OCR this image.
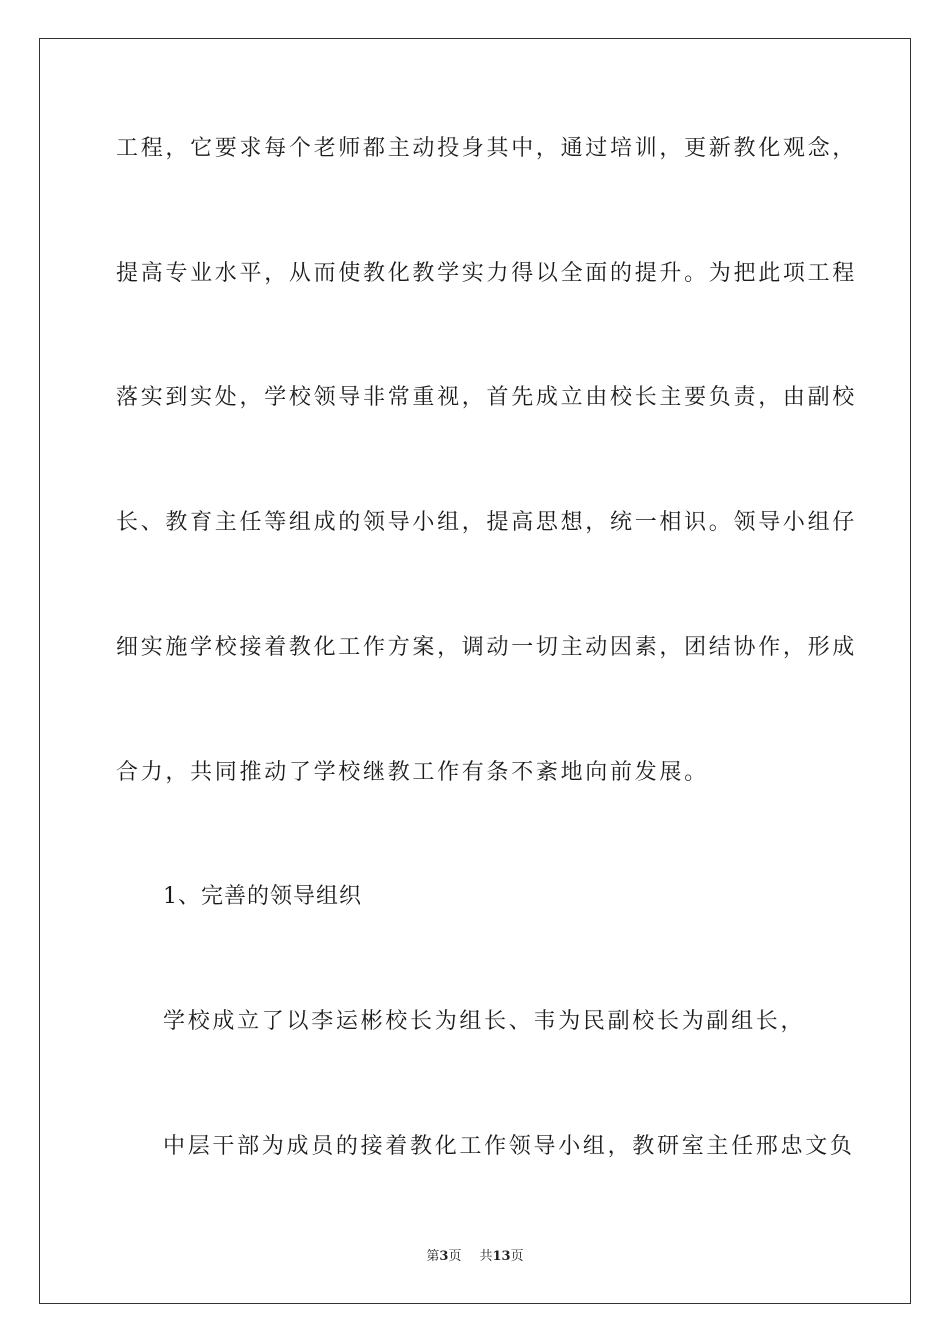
工程，它要求每个老师都主动投身其中，通过培训，更新教化观念，
提高专业水平，从而使教化教学实力得以全面的提升。为把此项工程
落实到实处，学校领导非常重视，首先成立由校长主要负责，由副校
长、教育主任等组成的领导小组，提高思想，统一相识。领导小组仔
细实施学校接着教化工作方案，调动一切主动因素，团结协作，形成
合力，共同推动了学校继教工作有条不紊地向前发展。
1、完善的领导组织
学校成立了以李运彬校长为组长、韦为民副校长为副组长，
中层干部为成员的接着教化工作领导小组，教研室主任邢忠文负
第3页 共13页
